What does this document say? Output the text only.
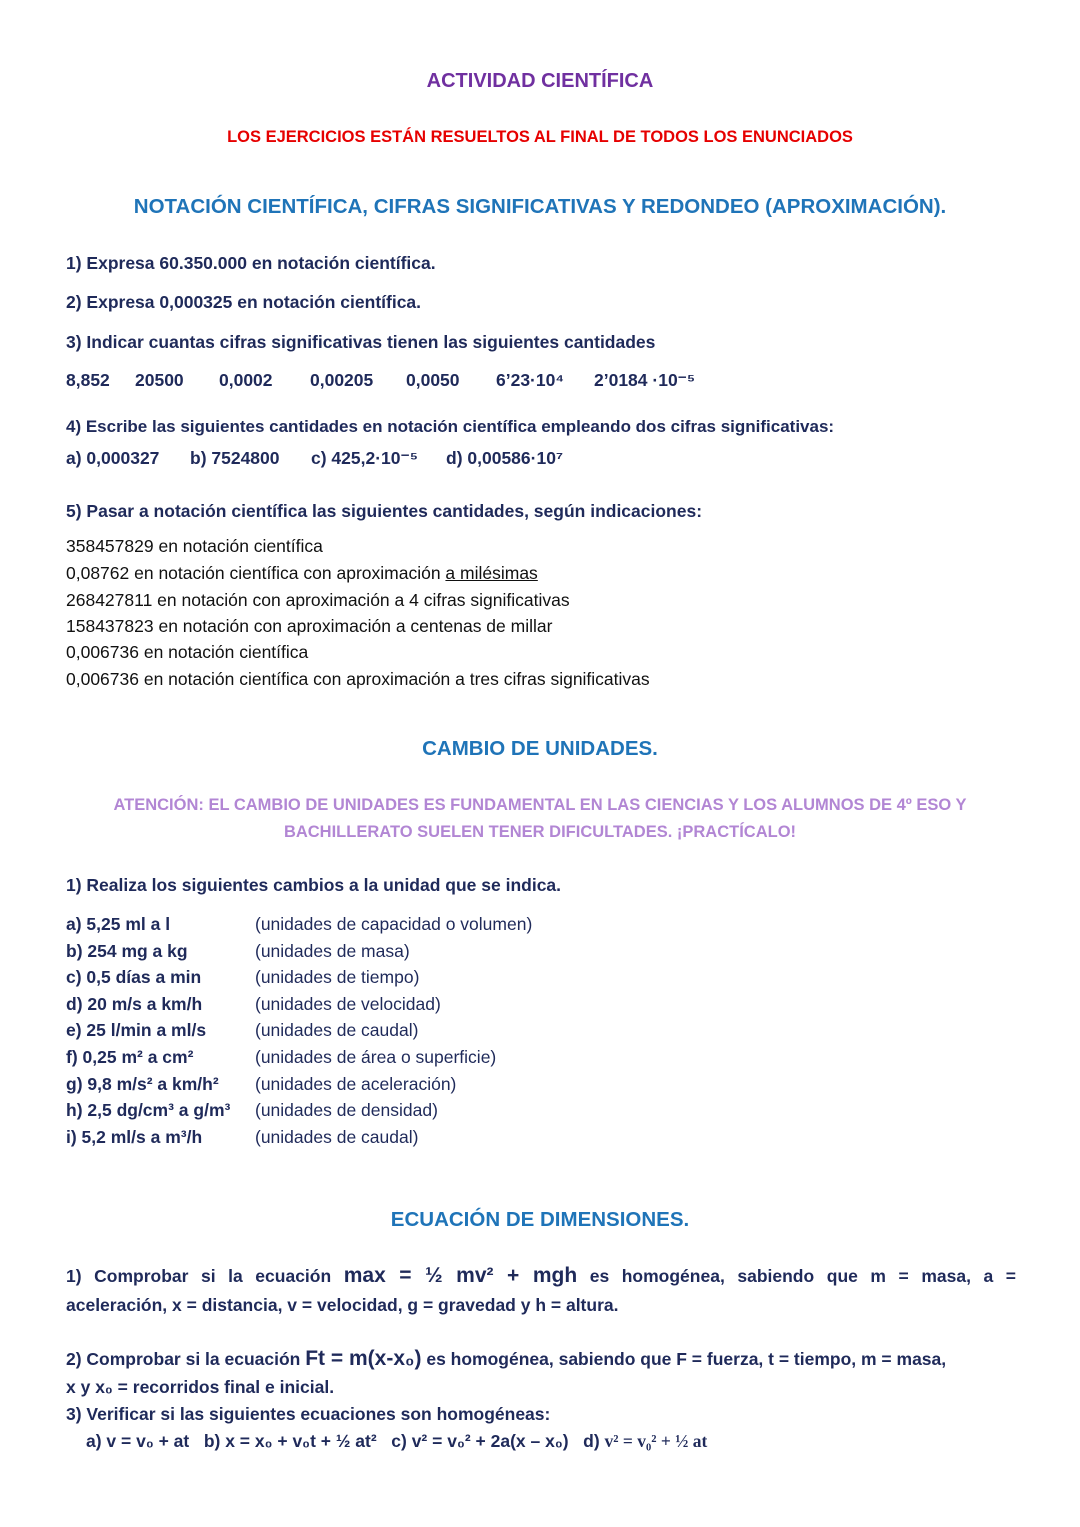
ACTIVIDAD CIENTÍFICA
LOS EJERCICIOS ESTÁN RESUELTOS AL FINAL DE TODOS LOS ENUNCIADOS
NOTACIÓN CIENTÍFICA, CIFRAS SIGNIFICATIVAS Y REDONDEO (APROXIMACIÓN).
1) Expresa 60.350.000 en notación científica.
2) Expresa 0,000325 en notación científica.
3) Indicar cuantas cifras significativas tienen las siguientes cantidades
8,852 20500 0,0002 0,00205 0,0050 6’23·10⁴ 2’0184 ·10⁻⁵
4) Escribe las siguientes cantidades en notación científica empleando dos cifras significativas:
a) 0,000327 b) 7524800 c) 425,2·10⁻⁵ d) 0,00586·10⁷
5) Pasar a notación científica las siguientes cantidades, según indicaciones:
358457829 en notación científica
0,08762 en notación científica con aproximación a milésimas
268427811 en notación con aproximación a 4 cifras significativas
158437823 en notación con aproximación a centenas de millar
0,006736 en notación científica
0,006736 en notación científica con aproximación a tres cifras significativas
CAMBIO DE UNIDADES.
ATENCIÓN: EL CAMBIO DE UNIDADES ES FUNDAMENTAL EN LAS CIENCIAS Y LOS ALUMNOS DE 4º ESO Y
BACHILLERATO SUELEN TENER DIFICULTADES. ¡PRACTÍCALO!
1) Realiza los siguientes cambios a la unidad que se indica.
a) 5,25 ml a l	(unidades de capacidad o volumen)
b) 254 mg a kg	(unidades de masa)
c) 0,5 días a min	(unidades de tiempo)
d) 20 m/s a km/h	(unidades de velocidad)
e) 25 l/min a ml/s	(unidades de caudal)
f) 0,25 m² a cm²	(unidades de área o superficie)
g) 9,8 m/s² a km/h² (unidades de aceleración)
h) 2,5 dg/cm³ a g/m³ (unidades de densidad)
i) 5,2 ml/s a m³/h	(unidades de caudal)
ECUACIÓN DE DIMENSIONES.
1) Comprobar si la ecuación max = ½ mv² + mgh es homogénea, sabiendo que m = masa, a =
aceleración, x = distancia, v = velocidad, g = gravedad y h = altura.
2) Comprobar si la ecuación Ft = m(x-x₀) es homogénea, sabiendo que F = fuerza, t = tiempo, m = masa,
x y x₀ = recorridos final e inicial.
3) Verificar si las siguientes ecuaciones son homogéneas:
a) v = v₀ + at b) x = x₀ + v₀t + ½ at² c) v² = v₀² + 2a(x – x₀) d) v² = v₀² + ½ at
